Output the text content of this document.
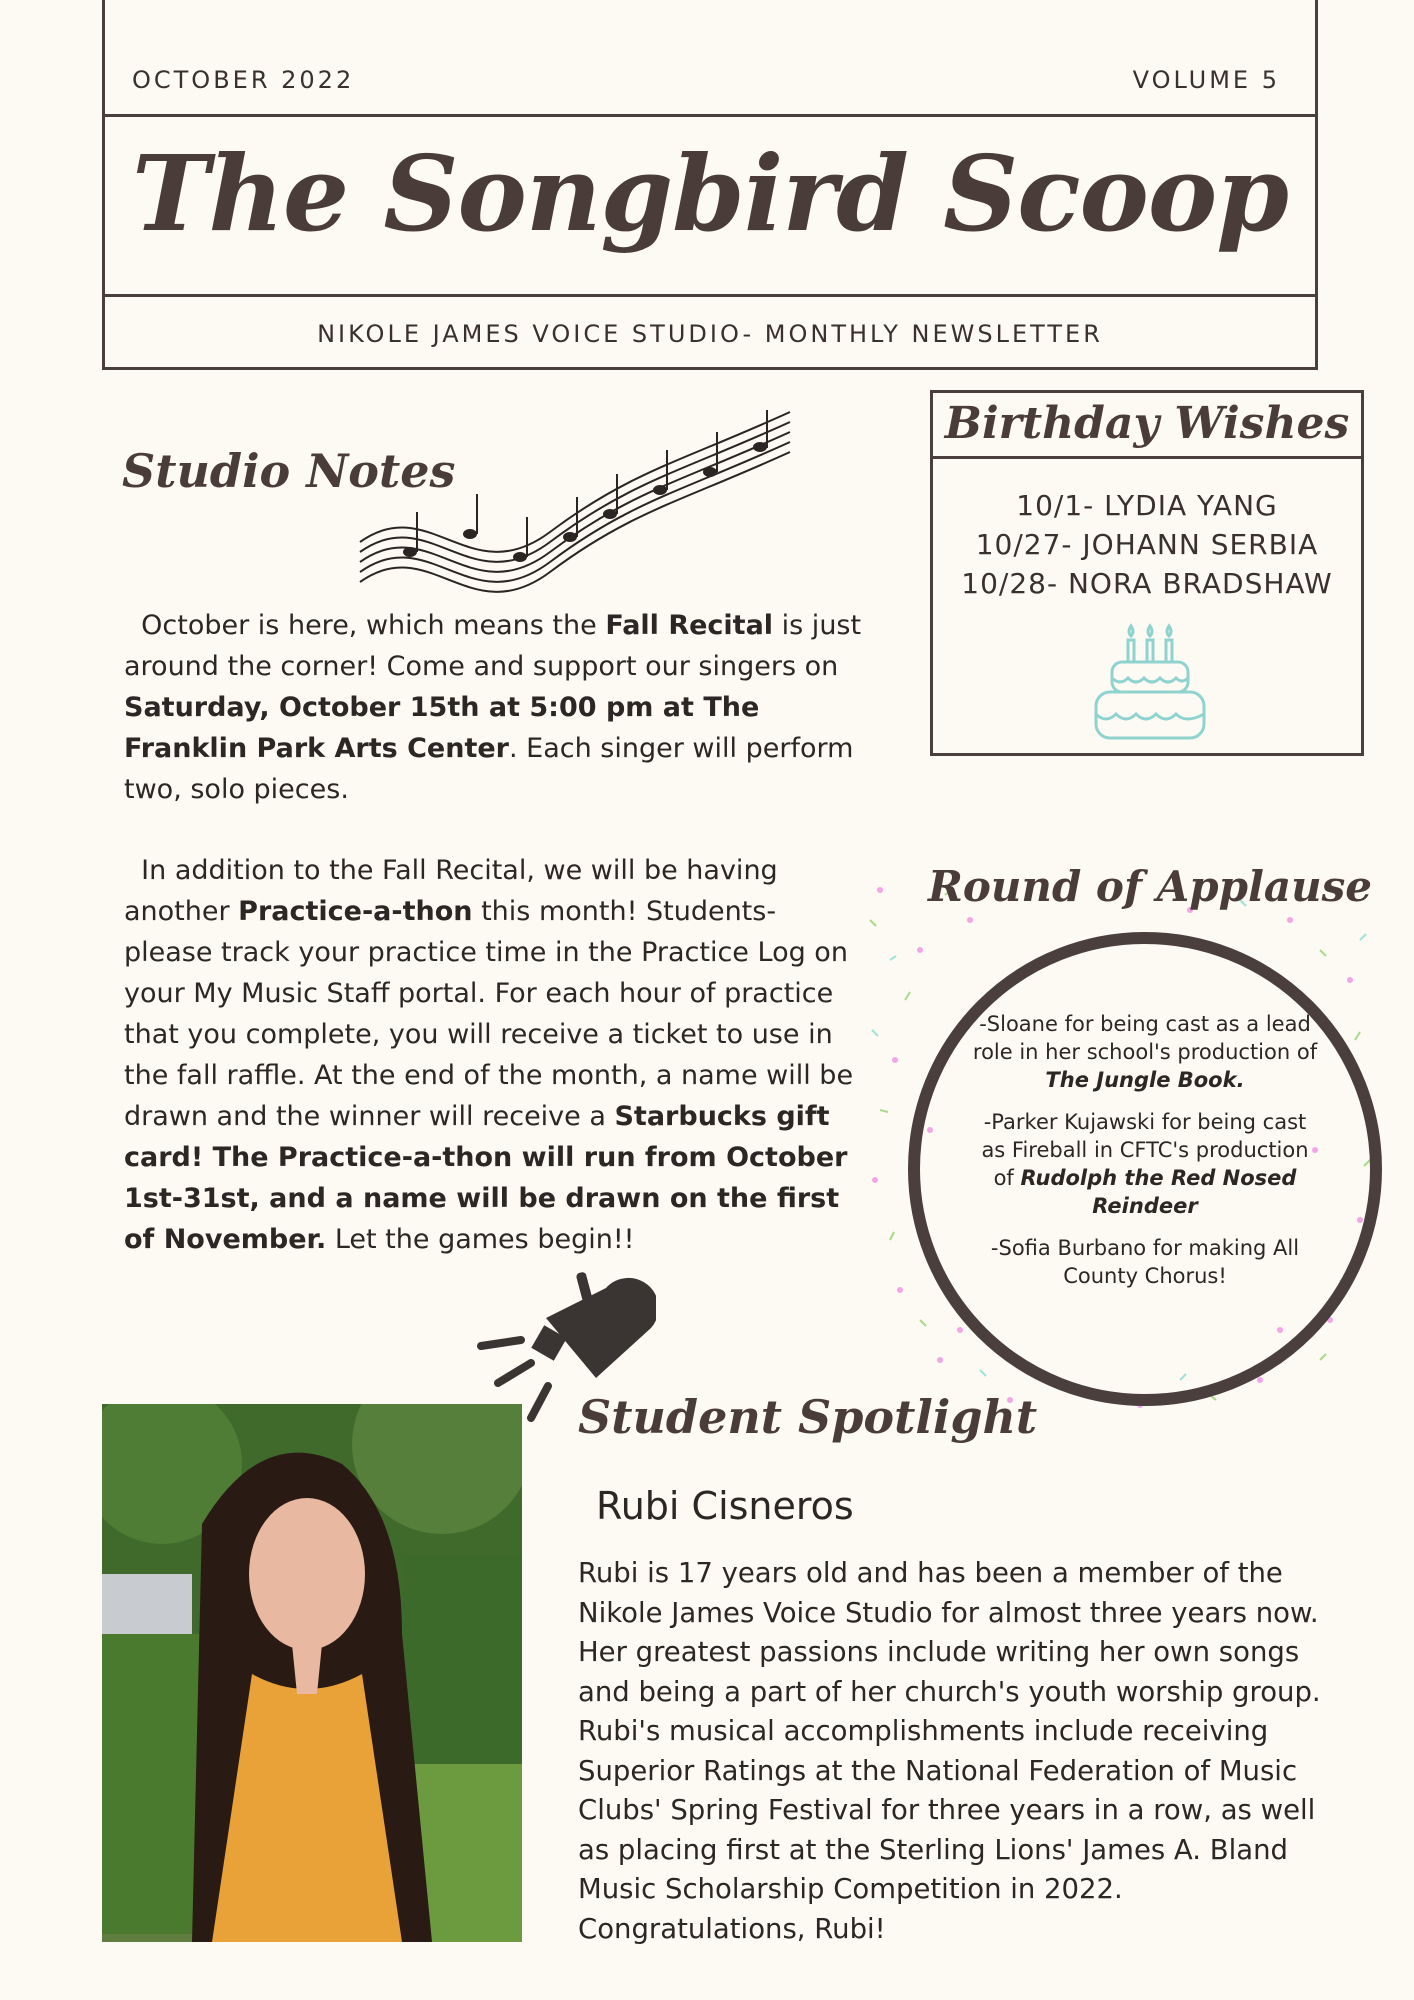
OCTOBER 2022	VOLUME 5
The Songbird Scoop
NIKOLE JAMES VOICE STUDIO- MONTHLY NEWSLETTER
Studio Notes
October is here, which means the Fall Recital is just around the corner! Come and support our singers on Saturday, October 15th at 5:00 pm at The Franklin Park Arts Center. Each singer will perform two, solo pieces.
In addition to the Fall Recital, we will be having another Practice-a-thon this month! Students- please track your practice time in the Practice Log on your My Music Staff portal. For each hour of practice that you complete, you will receive a ticket to use in the fall raffle. At the end of the month, a name will be drawn and the winner will receive a Starbucks gift card! The Practice-a-thon will run from October 1st-31st, and a name will be drawn on the first of November. Let the games begin!!
Birthday Wishes
10/1- LYDIA YANG
10/27- JOHANN SERBIA
10/28- NORA BRADSHAW
Round of Applause

-Sloane for being cast as a lead role in her school's production of
The Jungle Book.

-Parker Kujawski for being cast as Fireball in CFTC's production of Rudolph the Red Nosed Reindeer

-Sofia Burbano for making All County Chorus!

Student Spotlight
Rubi Cisneros
Rubi is 17 years old and has been a member of the Nikole James Voice Studio for almost three years now. Her greatest passions include writing her own songs and being a part of her church's youth worship group. Rubi's musical accomplishments include receiving Superior Ratings at the National Federation of Music Clubs' Spring Festival for three years in a row, as well as placing first at the Sterling Lions' James A. Bland Music Scholarship Competition in 2022. Congratulations, Rubi!
